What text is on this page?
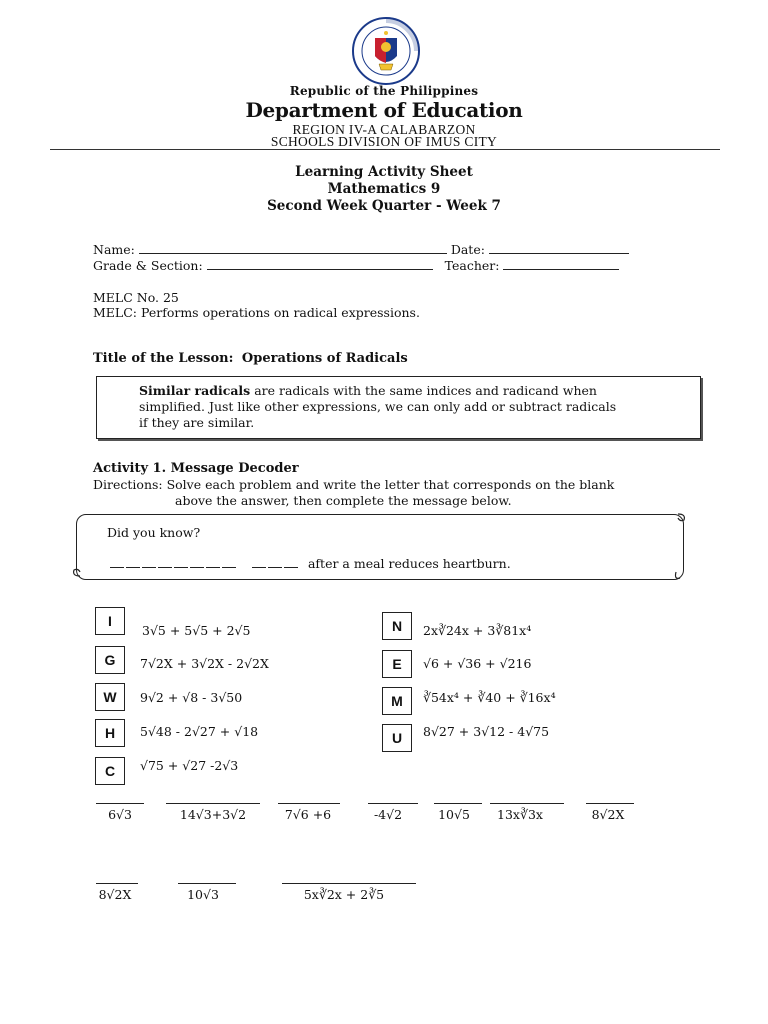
Republic of the Philippines
Department of Education
REGION IV-A CALABARZON
SCHOOLS DIVISION OF IMUS CITY
Learning Activity Sheet
Mathematics 9
Second Week Quarter - Week 7
Name:	Date:
Grade & Section:	Teacher:
MELC No. 25
MELC: Performs operations on radical expressions.
Title of the Lesson: Operations of Radicals

Similar radicals are radicals with the same indices and radicand when
simplified. Just like other expressions, we can only add or subtract radicals
if they are similar.

Activity 1. Message Decoder
Directions: Solve each problem and write the letter that corresponds on the blank
above the answer, then complete the message below.
Did you know?
after a meal reduces heartburn.
I
3√5 + 5√5 + 2√5
G	7√2X + 3√2X - 2√2X
W	9√2 + √8 - 3√50
H	5√48 - 2√27 + √18
C	√75 + √27 -2√3
N	2x∛24x + 3∛81x⁴
E	√6 + √36 + √216
M	∛54x⁴ + ∛40 + ∛16x⁴
U	8√27 + 3√12 - 4√75
6√3	14√3+3√2	7√6 +6	-4√2	10√5	13x∛3x	8√2X
8√2X	10√3	5x∛2x + 2∛5
